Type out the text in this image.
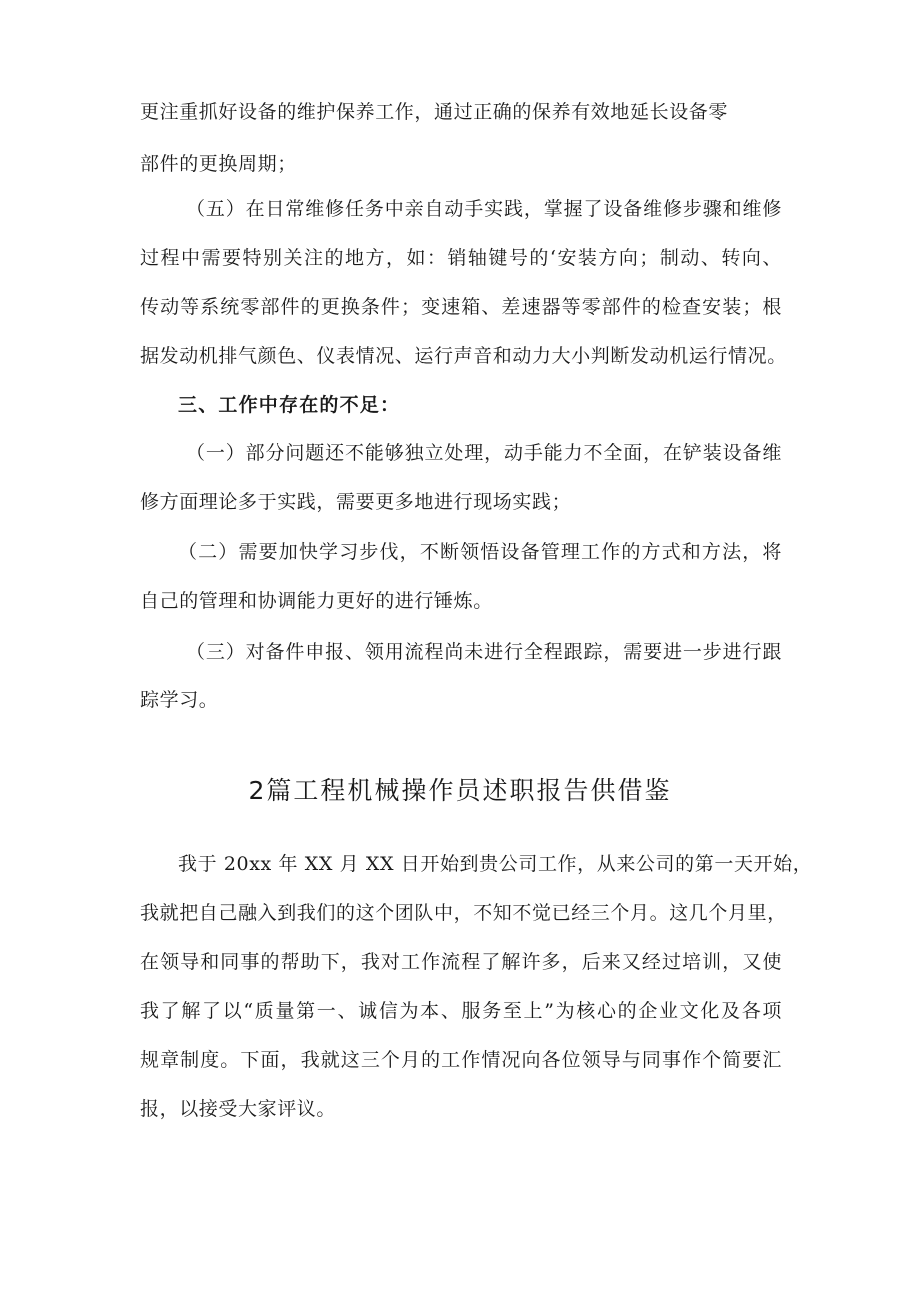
更注重抓好设备的维护保养工作，通过正确的保养有效地延长设备零
部件的更换周期；
（五）在日常维修任务中亲自动手实践，掌握了设备维修步骤和维修
过程中需要特别关注的地方，如：销轴键号的‘安装方向；制动、转向、
传动等系统零部件的更换条件；变速箱、差速器等零部件的检查安装；根
据发动机排气颜色、仪表情况、运行声音和动力大小判断发动机运行情况。
三、工作中存在的不足：
（一）部分问题还不能够独立处理，动手能力不全面，在铲装设备维
修方面理论多于实践，需要更多地进行现场实践；
（二）需要加快学习步伐，不断领悟设备管理工作的方式和方法，将
自己的管理和协调能力更好的进行锤炼。
（三）对备件申报、领用流程尚未进行全程跟踪，需要进一步进行跟
踪学习。
2篇工程机械操作员述职报告供借鉴
我于 20xx 年 XX 月 XX 日开始到贵公司工作，从来公司的第一天开始，
我就把自己融入到我们的这个团队中，不知不觉已经三个月。这几个月里，
在领导和同事的帮助下，我对工作流程了解许多，后来又经过培训，又使
我了解了以“质量第一、诚信为本、服务至上”为核心的企业文化及各项
规章制度。下面，我就这三个月的工作情况向各位领导与同事作个简要汇
报，以接受大家评议。
